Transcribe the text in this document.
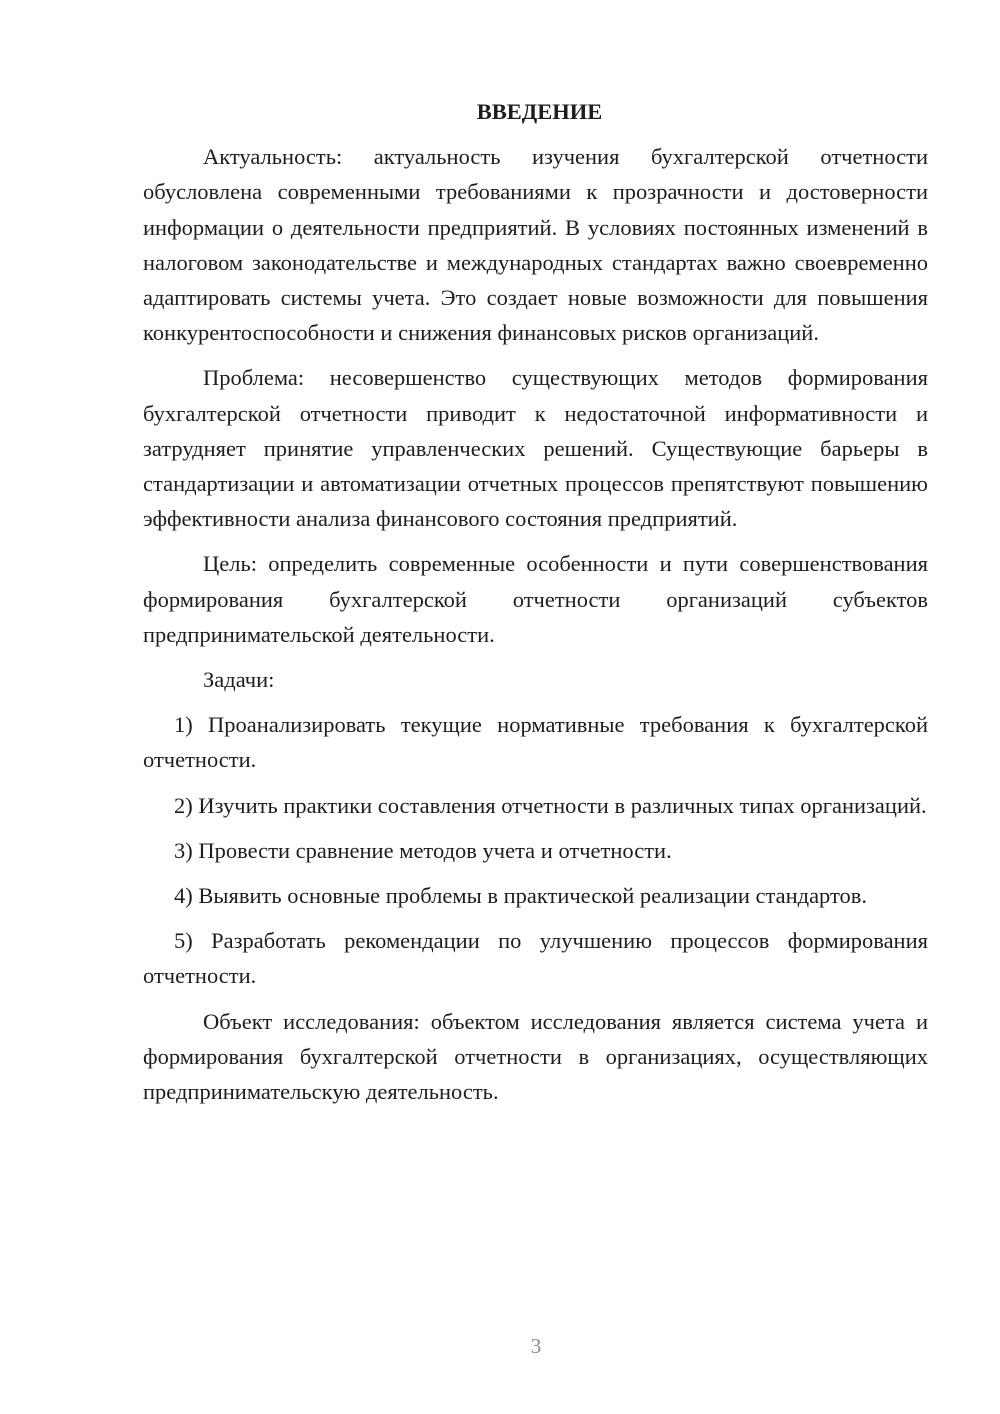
ВВЕДЕНИЕ

Актуальность: актуальность изучения бухгалтерской отчетности обусловлена современными требованиями к прозрачности и достоверности информации о деятельности предприятий. В условиях постоянных изменений в налоговом законодательстве и международных стандартах важно своевременно адаптировать системы учета. Это создает новые возможности для повышения конкурентоспособности и снижения финансовых рисков организаций.

Проблема: несовершенство существующих методов формирования бухгалтерской отчетности приводит к недостаточной информативности и затрудняет принятие управленческих решений. Существующие барьеры в стандартизации и автоматизации отчетных процессов препятствуют повышению эффективности анализа финансового состояния предприятий.

Цель: определить современные особенности и пути совершенствования формирования бухгалтерской отчетности организаций субъектов предпринимательской деятельности.

Задачи:

1) Проанализировать текущие нормативные требования к бухгалтерской отчетности.

2) Изучить практики составления отчетности в различных типах организаций.

3) Провести сравнение методов учета и отчетности.

4) Выявить основные проблемы в практической реализации стандартов.

5) Разработать рекомендации по улучшению процессов формирования отчетности.

Объект исследования: объектом исследования является система учета и формирования бухгалтерской отчетности в организациях, осуществляющих предпринимательскую деятельность.

3
